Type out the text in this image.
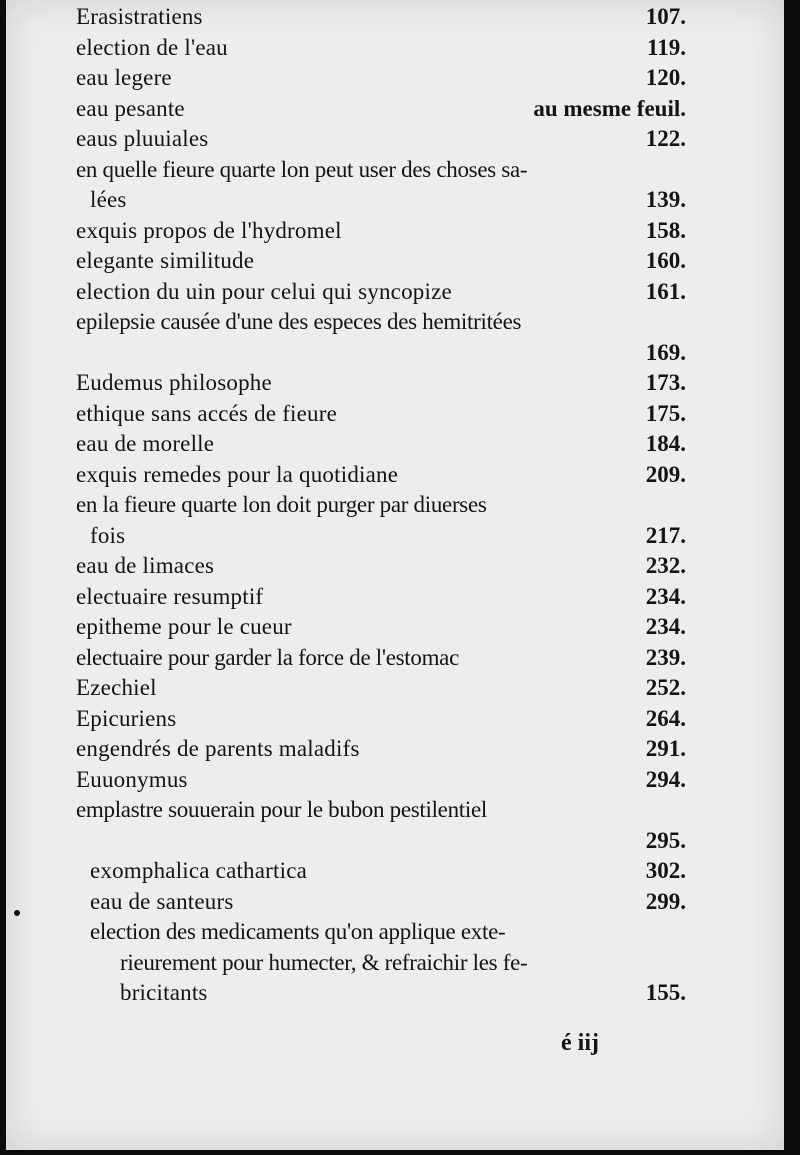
Erasistratiens	107.
election de l'eau	119.
eau legere	120.
eau pesante	au mesme feuil.
eaus pluuiales	122.
en quelle fieure quarte lon peut user des choses sa-
lées	139.
exquis propos de l'hydromel	158.
elegante similitude	160.
election du uin pour celui qui syncopize	161.
epilepsie causée d'une des especes des hemitritées
169.
Eudemus philosophe	173.
ethique sans accés de fieure	175.
eau de morelle	184.
exquis remedes pour la quotidiane	209.
en la fieure quarte lon doit purger par diuerses
fois	217.
eau de limaces	232.
electuaire resumptif	234.
epitheme pour le cueur	234.
electuaire pour garder la force de l'estomac	239.
Ezechiel	252.
Epicuriens	264.
engendrés de parents maladifs	291.
Euuonymus	294.
emplastre souuerain pour le bubon pestilentiel
295.
exomphalica cathartica	302.
eau de santeurs	299.
election des medicaments qu'on applique exte-
rieurement pour humecter, & refraichir les fe-
bricitants	155.
é iij
